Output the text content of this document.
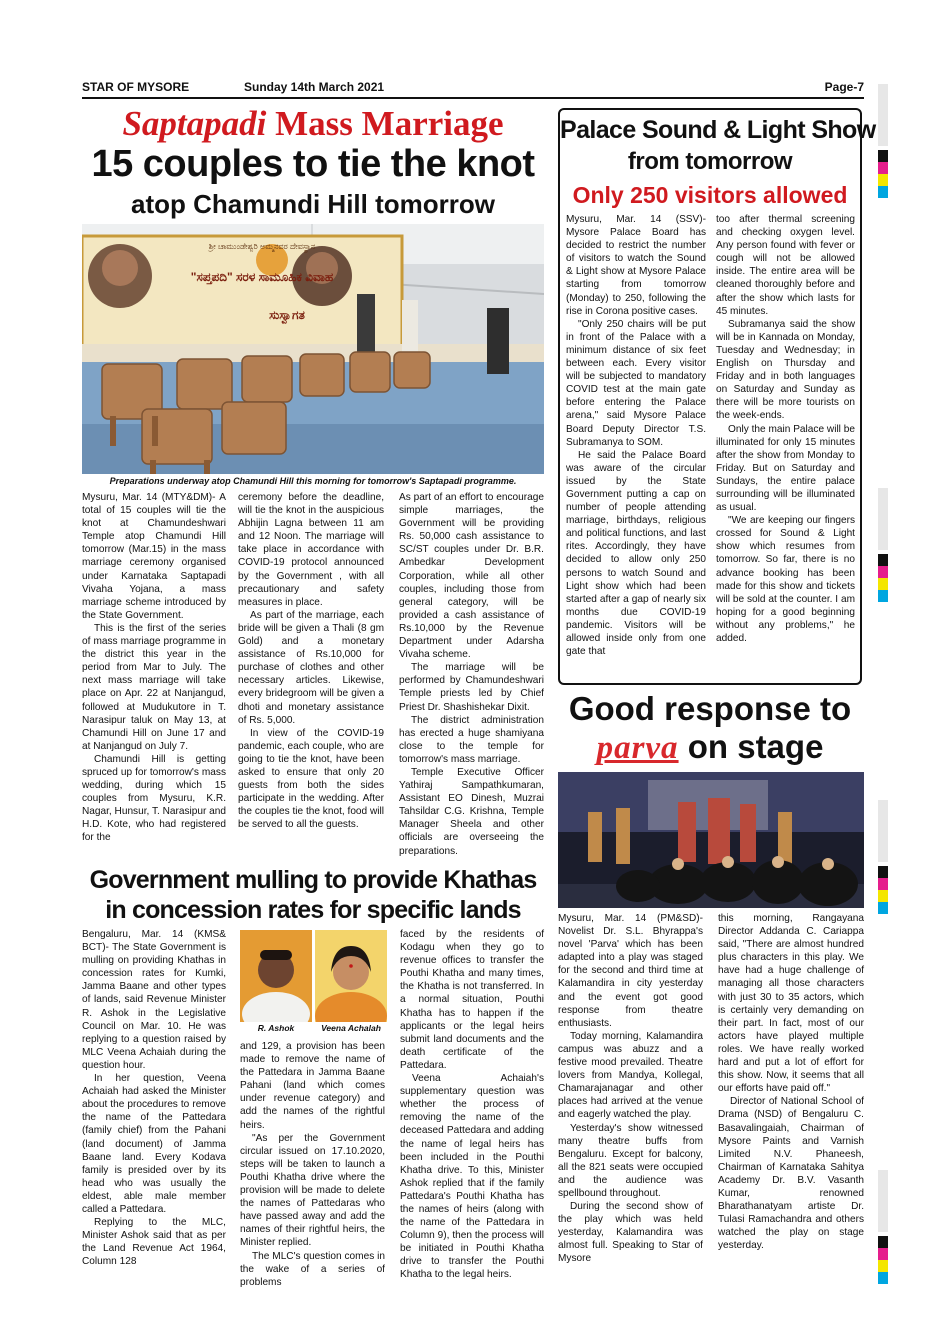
STAR OF MYSORE	Sunday 14th March 2021	Page-7
Saptapadi Mass Marriage
15 couples to tie the knot
atop Chamundi Hill tomorrow
ಶ್ರೀ ಚಾಮುಂಡೇಶ್ವರಿ ಅಮ್ಮನವರ ದೇವಸ್ಥಾನ
"ಸಪ್ತಪದಿ" ಸರಳ ಸಾಮೂಹಿಕ ವಿವಾಹ
ಸುಸ್ವಾಗತ
Preparations underway atop Chamundi Hill this morning for tomorrow's Saptapadi programme.

Mysuru, Mar. 14 (MTY&DM)- A total of 15 couples will tie the knot at Chamundeshwari Temple atop Chamundi Hill tomorrow (Mar.15) in the mass marriage ceremony organised under Karnataka Saptapadi Vivaha Yojana, a mass marriage scheme introduced by the State Government.

This is the first of the series of mass marriage programme in the district this year in the period from Mar to July. The next mass marriage will take place on Apr. 22 at Nanjangud, followed at Mudukutore in T. Narasipur taluk on May 13, at Chamundi Hill on June 17 and at Nanjangud on July 7.

Chamundi Hill is getting spruced up for tomorrow's mass wedding, during which 15 couples from Mysuru, K.R. Nagar, Hunsur, T. Narasipur and H.D. Kote, who had registered for the

ceremony before the deadline, will tie the knot in the auspicious Abhijin Lagna between 11 am and 12 Noon. The marriage will take place in accordance with COVID-19 protocol announced by the Government , with all precautionary and safety measures in place.

As part of the marriage, each bride will be given a Thali (8 gm Gold) and a monetary assistance of Rs.10,000 for purchase of clothes and other necessary articles. Likewise, every bridegroom will be given a dhoti and monetary assistance of Rs. 5,000.

In view of the COVID-19 pandemic, each couple, who are going to tie the knot, have been asked to ensure that only 20 guests from both the sides participate in the wedding. After the couples tie the knot, food will be served to all the guests.

As part of an effort to encourage simple marriages, the Government will be providing Rs. 50,000 cash assistance to SC/ST couples under Dr. B.R. Ambedkar Development Corporation, while all other couples, including those from general category, will be provided a cash assistance of Rs.10,000 by the Revenue Department under Adarsha Vivaha scheme.

The marriage will be performed by Chamundeshwari Temple priests led by Chief Priest Dr. Shashishekar Dixit.

The district administration has erected a huge shamiyana close to the temple for tomorrow's mass marriage.

Temple Executive Officer Yathiraj Sampathkumaran, Assistant EO Dinesh, Muzrai Tahsildar C.G. Krishna, Temple Manager Sheela and other officials are overseeing the preparations.

Palace Sound & Light Show
from tomorrow
Only 250 visitors allowed

Mysuru, Mar. 14 (SSV)- Mysore Palace Board has decided to restrict the number of visitors to watch the Sound & Light show at Mysore Palace starting from tomorrow (Monday) to 250, following the rise in Corona positive cases.

"Only 250 chairs will be put in front of the Palace with a minimum distance of six feet between each. Every visitor will be subjected to mandatory COVID test at the main gate before entering the Palace arena," said Mysore Palace Board Deputy Director T.S. Subramanya to SOM.

He said the Palace Board was aware of the circular issued by the State Government putting a cap on number of people attending marriage, birthdays, religious and political functions, and last rites. Accordingly, they have decided to allow only 250 persons to watch Sound and Light show which had been started after a gap of nearly six months due COVID-19 pandemic. Visitors will be allowed inside only from one gate that

too after thermal screening and checking oxygen level. Any person found with fever or cough will not be allowed inside. The entire area will be cleaned thoroughly before and after the show which lasts for 45 minutes.

Subramanya said the show will be in Kannada on Monday, Tuesday and Wednesday; in English on Thursday and Friday and in both languages on Saturday and Sunday as there will be more tourists on the week-ends.

Only the main Palace will be illuminated for only 15 minutes after the show from Monday to Friday. But on Saturday and Sundays, the entire palace surrounding will be illuminated as usual.

"We are keeping our fingers crossed for Sound & Light show which resumes from tomorrow. So far, there is no advance booking has been made for this show and tickets will be sold at the counter. I am hoping for a good beginning without any problems," he added.

Good response to
parva on stage

Mysuru, Mar. 14 (PM&SD)- Novelist Dr. S.L. Bhyrappa's novel 'Parva' which has been adapted into a play was staged for the second and third time at Kalamandira in city yesterday and the event got good response from theatre enthusiasts.

Today morning, Kalamandira campus was abuzz and a festive mood prevailed. Theatre lovers from Mandya, Kollegal, Chamarajanagar and other places had arrived at the venue and eagerly watched the play.

Yesterday's show witnessed many theatre buffs from Bengaluru. Except for balcony, all the 821 seats were occupied and the audience was spellbound throughout.

During the second show of the play which was held yesterday, Kalamandira was almost full. Speaking to Star of Mysore

this morning, Rangayana Director Addanda C. Cariappa said, "There are almost hundred plus characters in this play. We have had a huge challenge of managing all those characters with just 30 to 35 actors, which is certainly very demanding on their part. In fact, most of our actors have played multiple roles. We have really worked hard and put a lot of effort for this show. Now, it seems that all our efforts have paid off."

Director of National School of Drama (NSD) of Bengaluru C. Basavalingaiah, Chairman of Mysore Paints and Varnish Limited N.V. Phaneesh, Chairman of Karnataka Sahitya Academy Dr. B.V. Vasanth Kumar, renowned Bharathanatyam artiste Dr. Tulasi Ramachandra and others watched the play on stage yesterday.

Government mulling to provide Khathas
in concession rates for specific lands

Bengaluru, Mar. 14 (KMS& BCT)- The State Government is mulling on providing Khathas in concession rates for Kumki, Jamma Baane and other types of lands, said Revenue Minister R. Ashok in the Legislative Council on Mar. 10. He was replying to a question raised by MLC Veena Achaiah during the question hour.

In her question, Veena Achaiah had asked the Minister about the procedures to remove the name of the Pattedara (family chief) from the Pahani (land document) of Jamma Baane land. Every Kodava family is presided over by its head who was usually the eldest, able male member called a Pattedara.

Replying to the MLC, Minister Ashok said that as per the Land Revenue Act 1964, Column 128

R. Ashok	Veena Achalah

and 129, a provision has been made to remove the name of the Pattedara in Jamma Baane Pahani (land which comes under revenue category) and add the names of the rightful heirs.

"As per the Government circular issued on 17.10.2020, steps will be taken to launch a Pouthi Khatha drive where the provision will be made to delete the names of Pattedaras who have passed away and add the names of their rightful heirs, the Minister replied.

The MLC's question comes in the wake of a series of problems

faced by the residents of Kodagu when they go to revenue offices to transfer the Pouthi Khatha and many times, the Khatha is not transferred. In a normal situation, Pouthi Khatha has to happen if the applicants or the legal heirs submit land documents and the death certificate of the Pattedara.

Veena Achaiah's supplementary question was whether the process of removing the name of the deceased Pattedara and adding the name of legal heirs has been included in the Pouthi Khatha drive. To this, Minister Ashok replied that if the family Pattedara's Pouthi Khatha has the names of heirs (along with the name of the Pattedara in Column 9), then the process will be initiated in Pouthi Khatha drive to transfer the Pouthi Khatha to the legal heirs.
